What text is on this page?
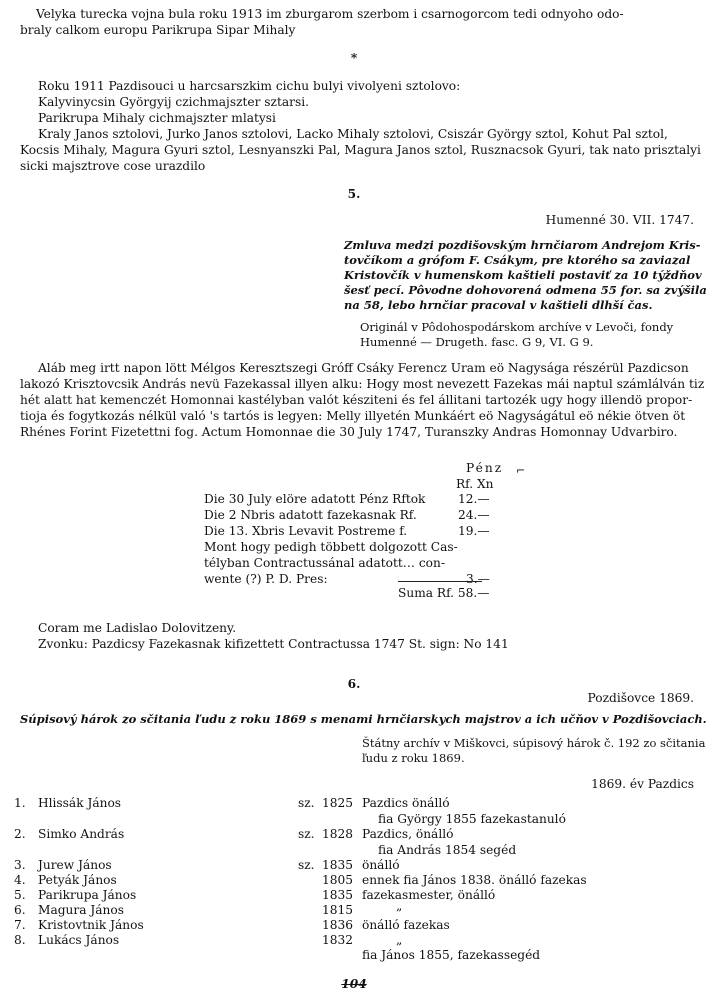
Velyka turecka vojna bula roku 1913 im zburgarom szerbom i csarnogorcom tedi odnyoho odo-
braly calkom europu Parikrupa Sipar Mihaly
*
Roku 1911 Pazdisouci u harcsarszkim cichu bulyi vivolyeni sztolovo:
Kalyvinycsin Györgyij czichmajszter sztarsi.
Parikrupa Mihaly cichmajszter mlatysi
Kraly Janos sztolovi, Jurko Janos sztolovi, Lacko Mihaly sztolovi, Csiszár György sztol, Kohut Pal sztol,
Kocsis Mihaly, Magura Gyuri sztol, Lesnyanszki Pal, Magura Janos sztol, Rusznacsok Gyuri, tak nato prisztalyi
sicki majsztrove cose urazdilo
5.
Humenné 30. VII. 1747.
Zmluva medzi pozdišovským hrnčiarom Andrejom Kris-
tovčíkom a grófom F. Csákym, pre ktorého sa zaviazal
Kristovčík v humenskom kaštieli postaviť za 10 týždňov
šesť pecí. Pôvodne dohovorená odmena 55 for. sa zvýšila
na 58, lebo hrnčiar pracoval v kaštieli dlhší čas.
Originál v Pôdohospodárskom archíve v Levoči, fondy
Humenné — Drugeth. fasc. G 9, VI. G 9.
Aláb meg irtt napon lött Mélgos Keresztszegi Gróff Csáky Ferencz Uram eö Nagysága részérül Pazdicson
lakozó Krisztovcsik András nevü Fazekassal illyen alku: Hogy most nevezett Fazekas mái naptul számlálván tiz
hét alatt hat kemenczét Homonnai kastélyban valót késziteni és fel állitani tartozék ugy hogy illendö propor-
tioja és fogytkozás nélkül való 's tartós is legyen: Melly illyetén Munkáért eö Nagyságátul eö nékie ötven öt
Rhénes Forint Fizetettni fog. Actum Homonnae die 30 July 1747, Turanszky Andras Homonnay Udvarbiro.
Pénz
Rf. Xn
Die 30 July elöre adatott Pénz Rftok	12.—
Die 2 Nbris adatott fazekasnak Rf.	24.—
Die 13. Xbris Levavit Postreme f.	19.—
Mont hogy pedigh többett dolgozott Cas-
télyban Contractussánal adatott… con-
wente (?) P. D. Pres:	3.—
Suma Rf. 58.—
⌐
Coram me Ladislao Dolovitzeny.
Zvonku: Pazdicsy Fazekasnak kifizettett Contractussa 1747 St. sign: No 141
6.
Pozdišovce 1869.
Súpisový hárok zo sčitania ľudu z roku 1869 s menami hrnčiarskych majstrov a ich učňov v Pozdišovciach.
Štátny archív v Miškovci, súpisový hárok č. 192 zo sčitania
ľudu z roku 1869.
1869. év Pazdics
1. Hlissák János	sz. 1825 Pazdics önálló
fia György 1855 fazekastanuló
2. Simko András	sz. 1828 Pazdics, önálló
fia András 1854 segéd
3. Jurew János	sz. 1835 önálló
4. Petyák János	1805 ennek fia János 1838. önálló fazekas
5. Parikrupa János	1835 fazekasmester, önálló
6. Magura János	1815	„
7. Kristovtnik János	1836 önálló fazekas
8. Lukács János	1832	„
fia János 1855, fazekassegéd
104
